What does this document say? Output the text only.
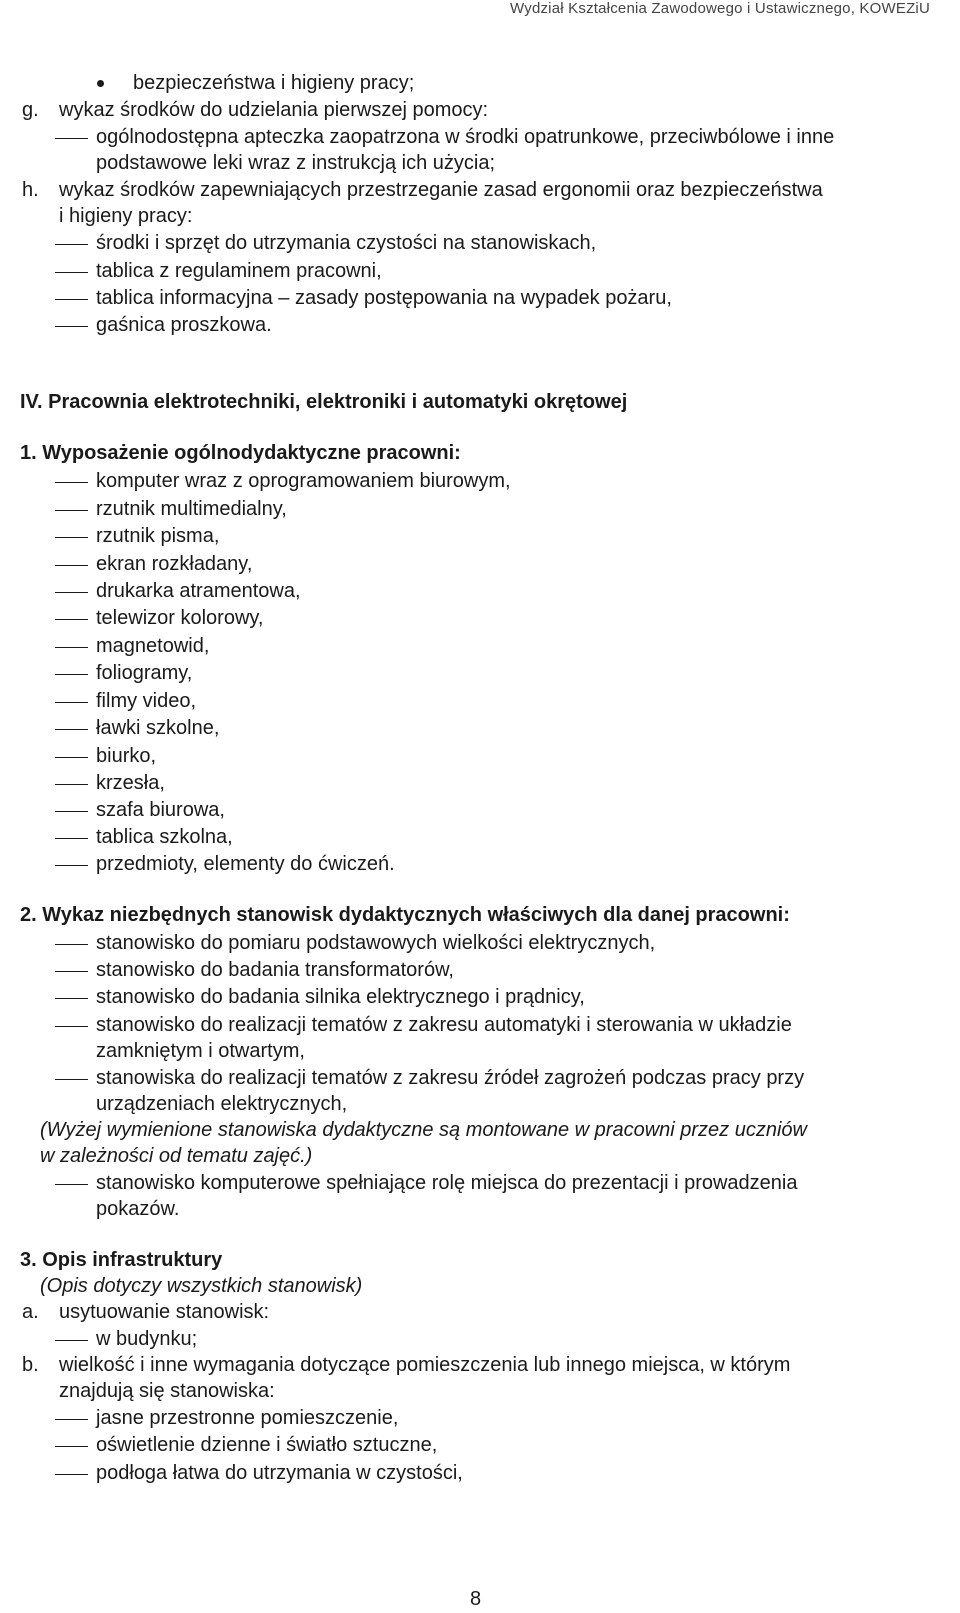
Wydział Kształcenia Zawodowego i Ustawicznego, KOWEZiU
bezpieczeństwa i higieny pracy;
g. wykaz środków do udzielania pierwszej pomocy:
ogólnodostępna apteczka zaopatrzona w środki opatrunkowe, przeciwbólowe i inne
podstawowe leki wraz z instrukcją ich użycia;
h. wykaz środków zapewniających przestrzeganie zasad ergonomii oraz bezpieczeństwa
i higieny pracy:
środki i sprzęt do utrzymania czystości na stanowiskach,
tablica z regulaminem pracowni,
tablica informacyjna – zasady postępowania na wypadek pożaru,
gaśnica proszkowa.
IV. Pracownia elektrotechniki, elektroniki i automatyki okrętowej
1. Wyposażenie ogólnodydaktyczne pracowni:
komputer wraz z oprogramowaniem biurowym,
rzutnik multimedialny,
rzutnik pisma,
ekran rozkładany,
drukarka atramentowa,
telewizor kolorowy,
magnetowid,
foliogramy,
filmy video,
ławki szkolne,
biurko,
krzesła,
szafa biurowa,
tablica szkolna,
przedmioty, elementy do ćwiczeń.
2. Wykaz niezbędnych stanowisk dydaktycznych właściwych dla danej pracowni:
stanowisko do pomiaru podstawowych wielkości elektrycznych,
stanowisko do badania transformatorów,
stanowisko do badania silnika elektrycznego i prądnicy,
stanowisko do realizacji tematów z zakresu automatyki i sterowania w układzie
zamkniętym i otwartym,
stanowiska do realizacji tematów z zakresu źródeł zagrożeń podczas pracy przy
urządzeniach elektrycznych,
(Wyżej wymienione stanowiska dydaktyczne są montowane w pracowni przez uczniów
w zależności od tematu zajęć.)
stanowisko komputerowe spełniające rolę miejsca do prezentacji i prowadzenia
pokazów.
3. Opis infrastruktury
(Opis dotyczy wszystkich stanowisk)
a. usytuowanie stanowisk:
w budynku;
b. wielkość i inne wymagania dotyczące pomieszczenia lub innego miejsca, w którym
znajdują się stanowiska:
jasne przestronne pomieszczenie,
oświetlenie dzienne i światło sztuczne,
podłoga łatwa do utrzymania w czystości,
8
